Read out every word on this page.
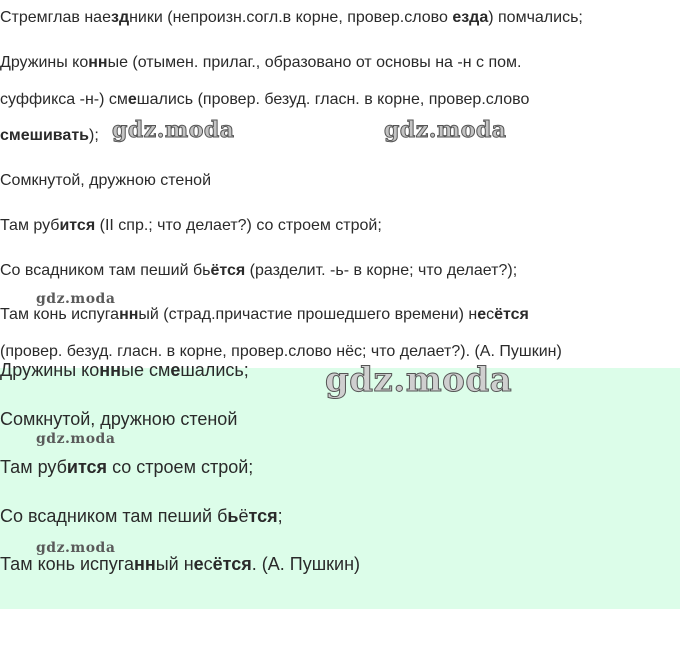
Стремглав наездники (непроизн.согл.в корне, провер.слово езда) помчались;
Дружины конные (отымен. прилаг., образовано от основы на -н с пом.
суффикса -н-) смешались (провер. безуд. гласн. в корне, провер.слово
смешивать);
Сомкнутой, дружною стеной
Там рубится (II спр.; что делает?) со строем строй;
Со всадником там пеший бьётся (разделит. -ь- в корне; что делает?);
Там конь испуганный (страд.причастие прошедшего времени) несётся
(провер. безуд. гласн. в корне, провер.слово нёс; что делает?). (А. Пушкин)
Дружины конные смешались;
Сомкнутой, дружною стеной
Там рубится со строем строй;
Со всадником там пеший бьётся;
Там конь испуганный несётся. (А. Пушкин)
gdz.moda	gdz.moda
gdz.moda
gdz.moda
gdz.moda
gdz.moda
